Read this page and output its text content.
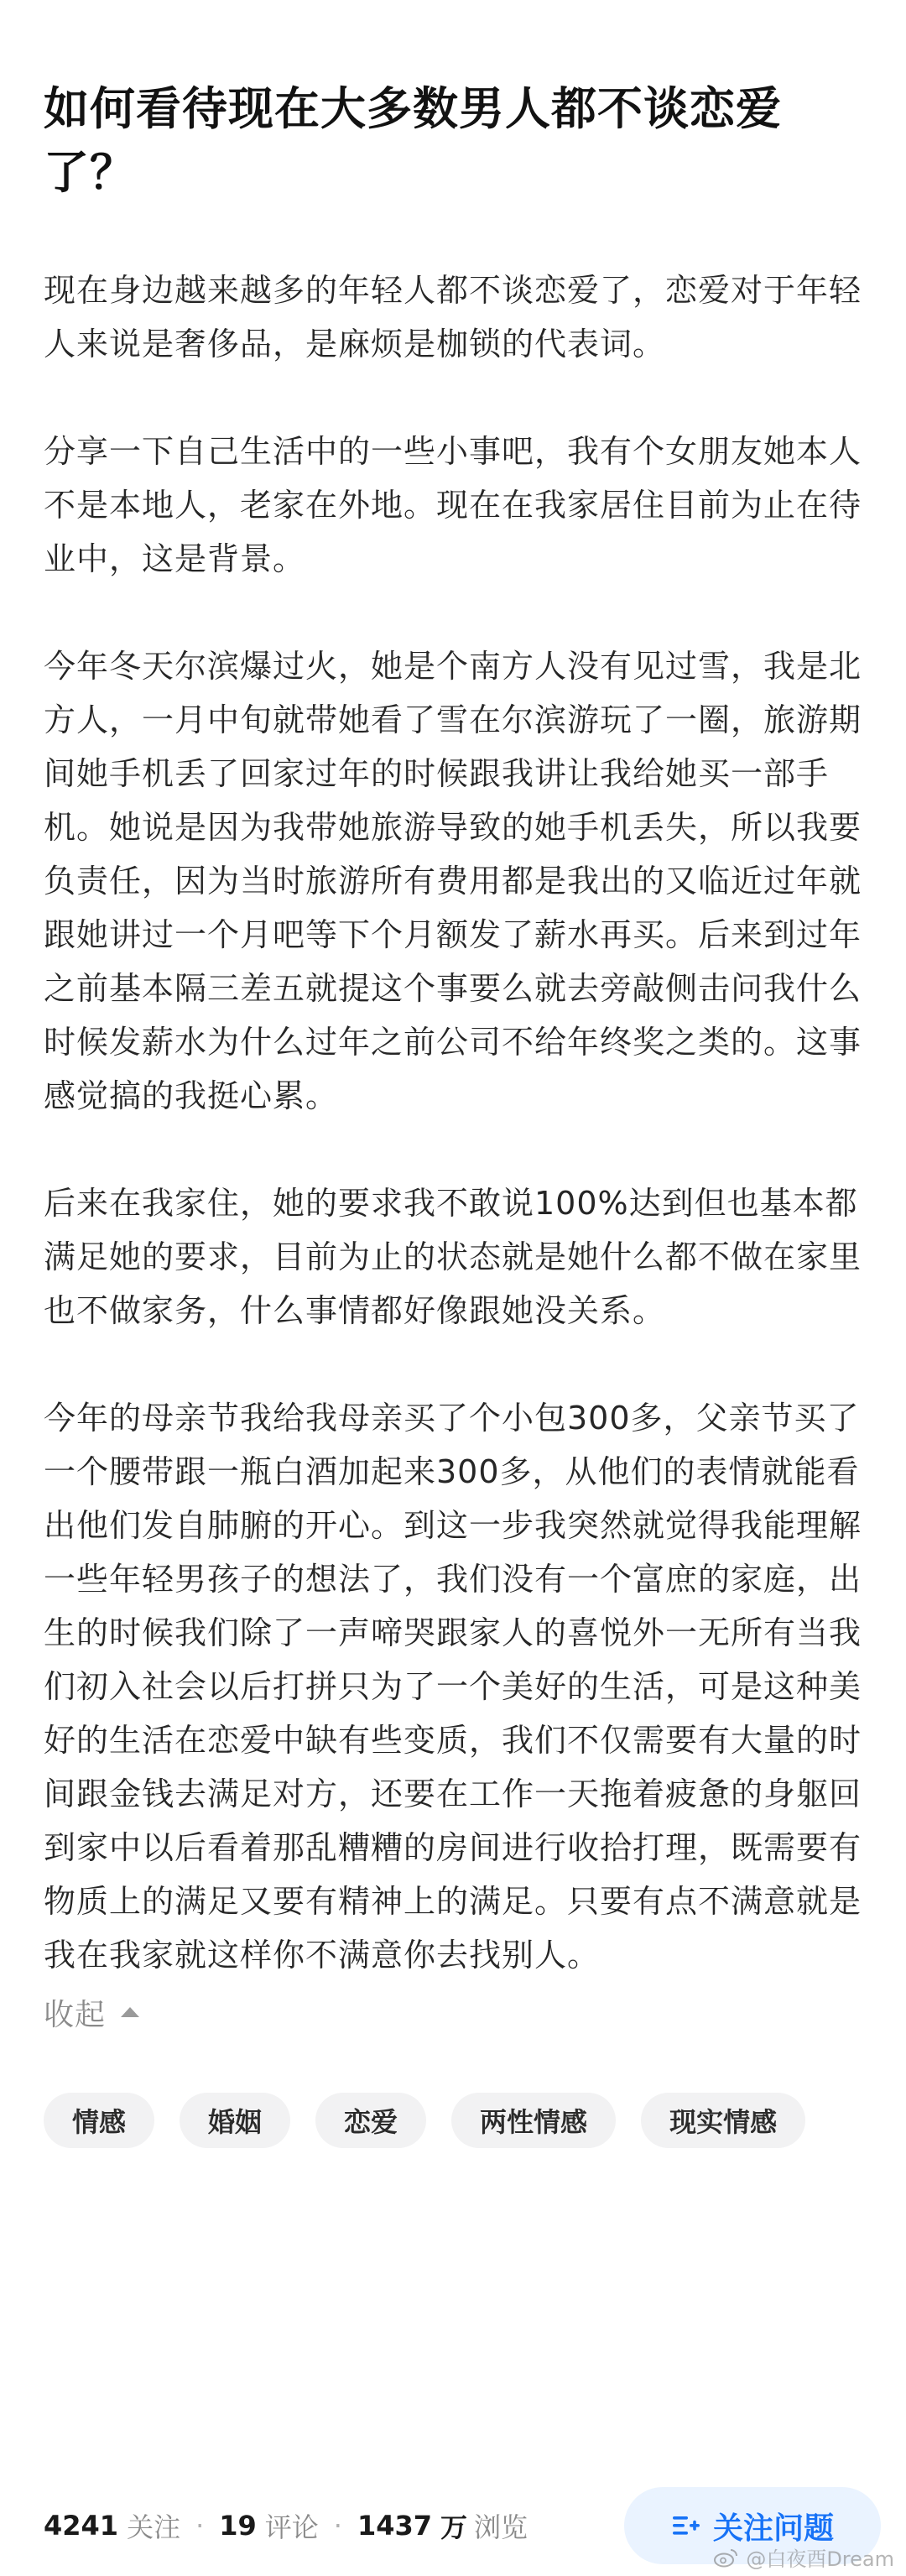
如何看待现在大多数男人都不谈恋爱了？

现在身边越来越多的年轻人都不谈恋爱了，恋爱对于年轻人来说是奢侈品，是麻烦是枷锁的代表词。

分享一下自己生活中的一些小事吧，我有个女朋友她本人不是本地人，老家在外地。现在在我家居住目前为止在待业中，这是背景。

今年冬天尔滨爆过火，她是个南方人没有见过雪，我是北方人，一月中旬就带她看了雪在尔滨游玩了一圈，旅游期间她手机丢了回家过年的时候跟我讲让我给她买一部手机。她说是因为我带她旅游导致的她手机丢失，所以我要负责任，因为当时旅游所有费用都是我出的又临近过年就跟她讲过一个月吧等下个月额发了薪水再买。后来到过年之前基本隔三差五就提这个事要么就去旁敲侧击问我什么时候发薪水为什么过年之前公司不给年终奖之类的。这事感觉搞的我挺心累。

后来在我家住，她的要求我不敢说100%达到但也基本都满足她的要求，目前为止的状态就是她什么都不做在家里也不做家务，什么事情都好像跟她没关系。

今年的母亲节我给我母亲买了个小包300多，父亲节买了一个腰带跟一瓶白酒加起来300多，从他们的表情就能看出他们发自肺腑的开心。到这一步我突然就觉得我能理解一些年轻男孩子的想法了，我们没有一个富庶的家庭，出生的时候我们除了一声啼哭跟家人的喜悦外一无所有当我们初入社会以后打拼只为了一个美好的生活，可是这种美好的生活在恋爱中缺有些变质，我们不仅需要有大量的时间跟金钱去满足对方，还要在工作一天拖着疲惫的身躯回到家中以后看着那乱糟糟的房间进行收拾打理，既需要有物质上的满足又要有精神上的满足。只要有点不满意就是我在我家就这样你不满意你去找别人。

收起
情感	婚姻	恋爱	两性情感	现实情感
4241 关注 · 19 评论 · 1437 万 浏览	关注问题
@白夜酉Dream
